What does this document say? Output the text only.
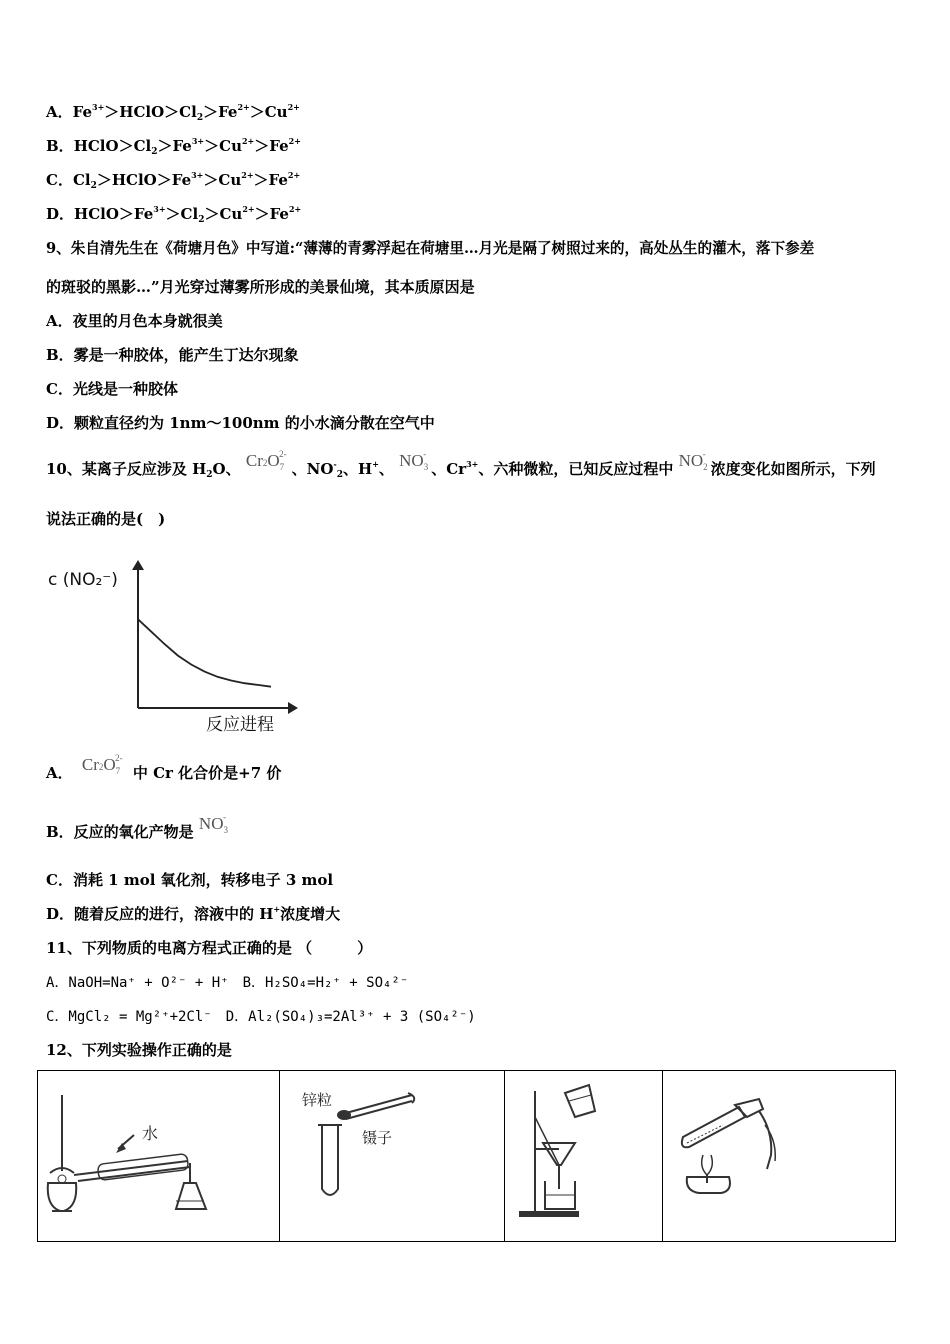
A．$Fe^{3+}>HClO>Cl_2>Fe^{2+}>Cu^{2+}$
B．$HClO>Cl_2>Fe^{3+}>Cu^{2+}>Fe^{2+}$
C．$Cl_2>HClO>Fe^{3+}>Cu^{2+}>Fe^{2+}$
D．$HClO>Fe^{3+}>Cl_2>Cu^{2+}>Fe^{2+}$
9、朱自清先生在《荷塘月色》中写道:“薄薄的青雾浮起在荷塘里…月光是隔了树照过来的，高处丛生的灌木，落下参差
的斑驳的黑影…”月光穿过薄雾所形成的美景仙境，其本质原因是
A．夜里的月色本身就很美
B．雾是一种胶体，能产生丁达尔现象
C．光线是一种胶体
D．颗粒直径约为 1nm～100nm 的小水滴分散在空气中
10、某离子反应涉及 $H_2O$、 $Cr2O_7^{2-}$、$NO^-_2$、H+、 $NO_3^-$、$Cr^{3+}$、六种微粒，已知反应过程中 $NO_2^-$浓度变化如图所示，下列
说法正确的是(　)
c (NO₂⁻)
反应进程
A． $Cr2O_7^{2-}$ 中 Cr 化合价是+7 价
B．反应的氧化产物是 $NO_3^-$
C．消耗 1 mol 氧化剂，转移电子 3 mol
D．随着反应的进行，溶液中的 H+浓度增大
11、下列物质的电离方程式正确的是 （　　　）
A．NaOH=Na⁺ + O²⁻ + H⁺ B．H₂SO₄=H₂⁺ + SO₄²⁻
C．MgCl₂ = Mg²⁺+2Cl⁻ D．Al₂(SO₄)₃=2Al³⁺ + 3 (SO₄²⁻)
12、下列实验操作正确的是
水
锌粒
镊子
